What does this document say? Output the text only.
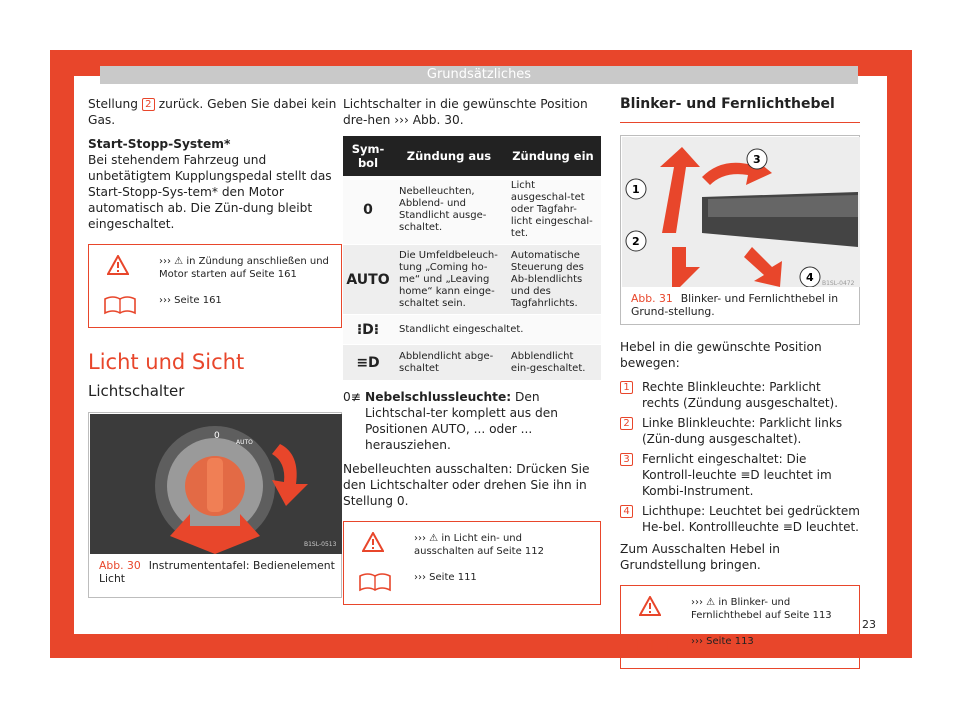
Grundsätzliches

Stellung 2 zurück. Geben Sie dabei kein Gas.

Start-Stopp-System*

Bei stehendem Fahrzeug und unbetätigtem Kupplungspedal stellt das Start-Stopp-Sys-tem* den Motor automatisch ab. Die Zün-dung bleibt eingeschaltet.

››› ⚠ in Zündung anschließen und Motor starten auf Seite 161
››› Seite 161
Licht und Sicht
Lichtschalter
0
AUTO
B1SL-0513
Abb. 30 Instrumententafel: Bedienelement Licht

Lichtschalter in die gewünschte Position dre-hen ››› Abb. 30.

Sym-bol	Zündung aus	Zündung ein
0	Nebelleuchten, Abblend- und Standlicht ausge-schaltet.	Licht ausgeschal-tet oder Tagfahr-licht eingeschal-tet.
AUTO	Die Umfeldbeleuch-tung „Coming ho-me“ und „Leaving home“ kann einge-schaltet sein.	Automatische Steuerung des Ab-blendlichts und des Tagfahrlichts.
⁝D⁝	Standlicht eingeschaltet.	
≡D	Abblendlicht abge-schaltet	Abblendlicht ein-geschaltet.

0≢ Nebelschlussleuchte: Den Lichtschal-ter komplett aus den Positionen AUTO, ... oder ... herausziehen.

Nebelleuchten ausschalten: Drücken Sie den Lichtschalter oder drehen Sie ihn in Stellung 0.

››› ⚠ in Licht ein- und ausschalten auf Seite 112
››› Seite 111
Blinker- und Fernlichthebel
3
1
2
4 B1SL-0472
Abb. 31 Blinker- und Fernlichthebel in Grund-stellung.

Hebel in die gewünschte Position bewegen:

1 Rechte Blinkleuchte: Parklicht rechts (Zündung ausgeschaltet).
2 Linke Blinkleuchte: Parklicht links (Zün-dung ausgeschaltet).
3 Fernlicht eingeschaltet: Die Kontroll-leuchte ≡D leuchtet im Kombi-Instrument.
4 Lichthupe: Leuchtet bei gedrücktem He-bel. Kontrollleuchte ≡D leuchtet.

Zum Ausschalten Hebel in Grundstellung bringen.

››› ⚠ in Blinker- und Fernlichthebel auf Seite 113
››› Seite 113
23
